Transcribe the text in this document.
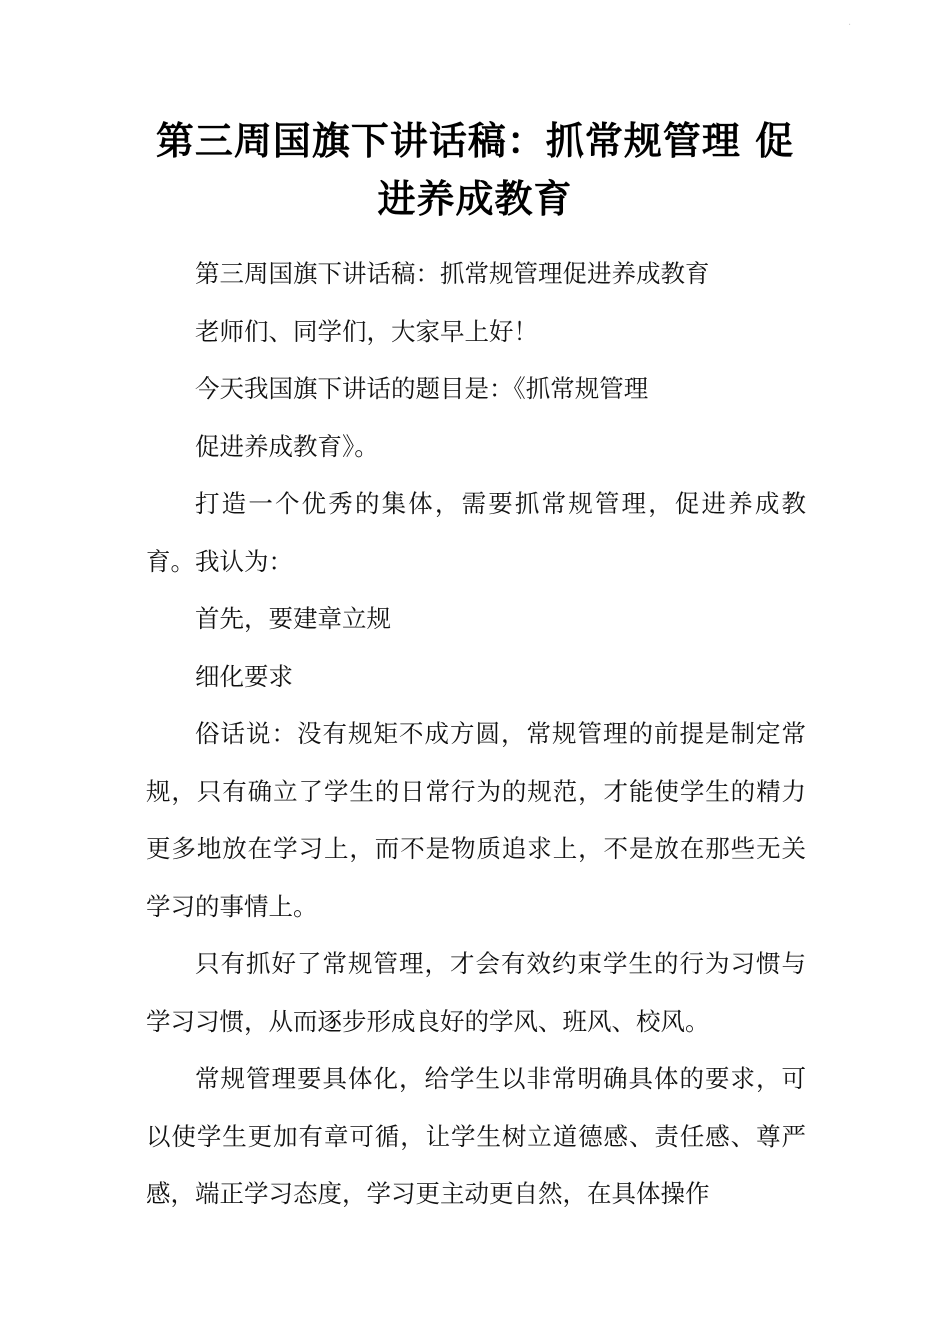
·
第三周国旗下讲话稿：抓常规管理 促进养成教育

第三周国旗下讲话稿：抓常规管理促进养成教育

老师们、同学们，大家早上好！

今天我国旗下讲话的题目是：《抓常规管理

促进养成教育》。

打造一个优秀的集体，需要抓常规管理，促进养成教育。我认为：

首先，要建章立规

细化要求

俗话说：没有规矩不成方圆，常规管理的前提是制定常规，只有确立了学生的日常行为的规范，才能使学生的精力更多地放在学习上，而不是物质追求上，不是放在那些无关学习的事情上。

只有抓好了常规管理，才会有效约束学生的行为习惯与学习习惯，从而逐步形成良好的学风、班风、校风。

常规管理要具体化，给学生以非常明确具体的要求，可以使学生更加有章可循，让学生树立道德感、责任感、尊严感，端正学习态度，学习更主动更自然，在具体操作
